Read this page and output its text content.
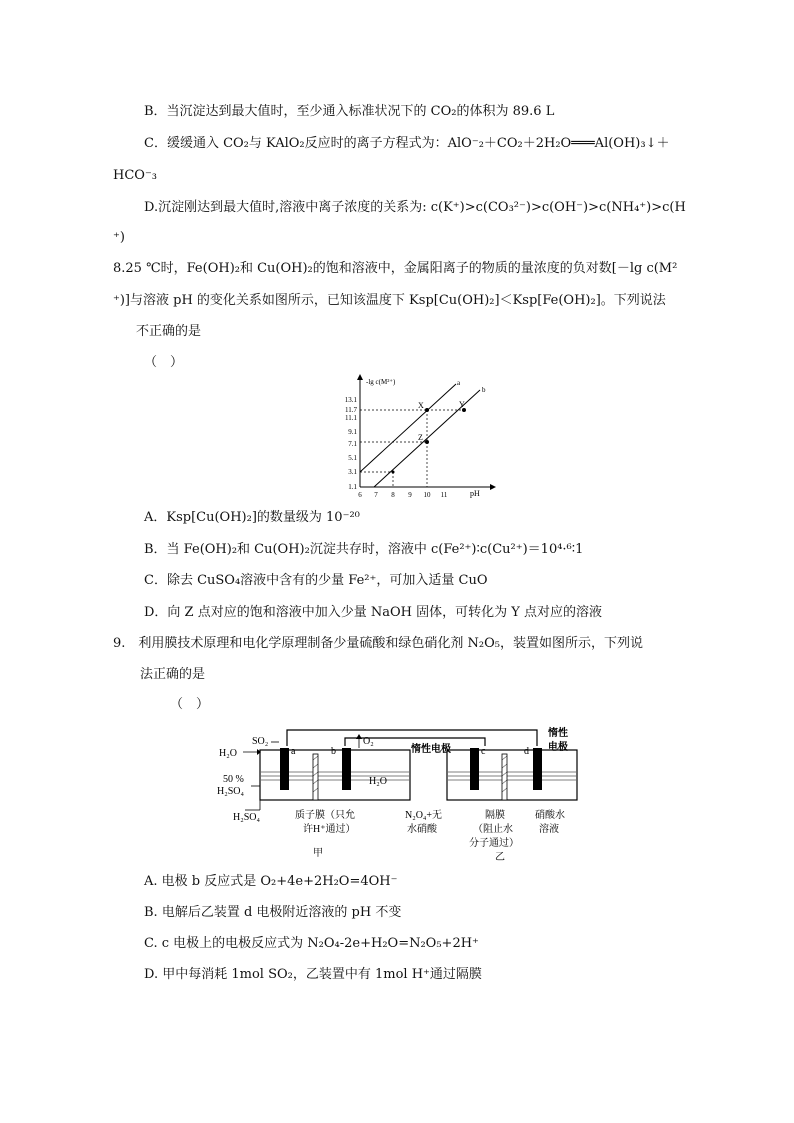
B．当沉淀达到最大值时，至少通入标准状况下的 CO₂的体积为 89.6 L
C．缓缓通入 CO₂与 KAlO₂反应时的离子方程式为：AlO⁻₂＋CO₂＋2H₂O═══Al(OH)₃↓＋
HCO⁻₃
D.沉淀刚达到最大值时,溶液中离子浓度的关系为: c(K⁺)>c(CO₃²⁻)>c(OH⁻)>c(NH₄⁺)>c(H
⁺)
8.25 ℃时，Fe(OH)₂和 Cu(OH)₂的饱和溶液中，金属阳离子的物质的量浓度的负对数[－lg c(M²
⁺)]与溶液 pH 的变化关系如图所示，已知该温度下 Ksp[Cu(OH)₂]＜Ksp[Fe(OH)₂]。下列说法
不正确的是
（　）
-lg c(M²⁺)
pH
13.1
11.7
11.1
9.1
7.1
5.1
3.1
1.1
6 7 8 9 10 11
a
b
X	Y
Z
A．Ksp[Cu(OH)₂]的数量级为 10⁻²⁰
B．当 Fe(OH)₂和 Cu(OH)₂沉淀共存时，溶液中 c(Fe²⁺)∶c(Cu²⁺)＝10⁴·⁶∶1
C．除去 CuSO₄溶液中含有的少量 Fe²⁺，可加入适量 CuO
D．向 Z 点对应的饱和溶液中加入少量 NaOH 固体，可转化为 Y 点对应的溶液
9.　利用膜技术原理和电化学原理制备少量硫酸和绿色硝化剂 N₂O₅，装置如图所示，下列说
法正确的是
（　）
a	b
SO₂
H₂O
50 %
H₂SO₄
H₂SO₄
O₂
H₂O
质子膜（只允
许H⁺通过）
甲
c	d
惰性电极
惰性
电极
N₂O₄+无
水硝酸
隔膜
（阻止水
分子通过）
硝酸水
溶液
乙
A. 电极 b 反应式是 O₂+4e+2H₂O=4OH⁻
B. 电解后乙装置 d 电极附近溶液的 pH 不变
C. c 电极上的电极反应式为 N₂O₄-2e+H₂O=N₂O₅+2H⁺
D. 甲中每消耗 1mol SO₂，乙装置中有 1mol H⁺通过隔膜
